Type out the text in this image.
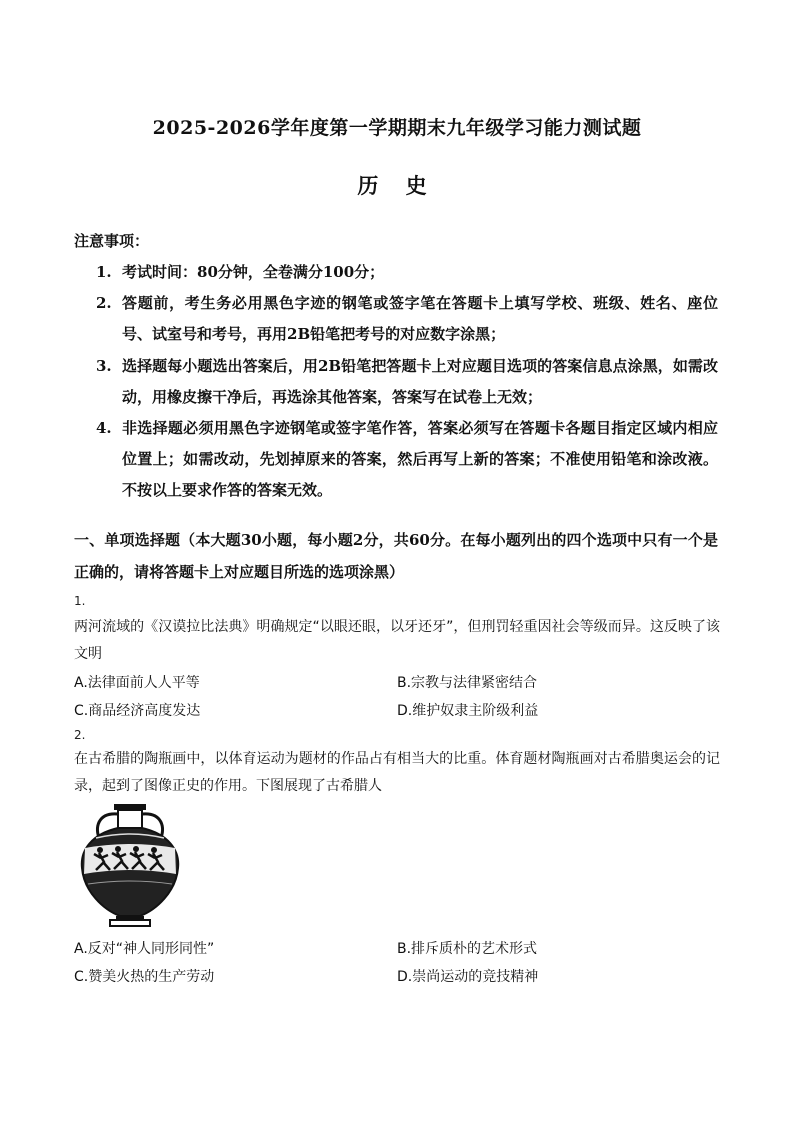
2025-2026学年度第一学期期末九年级学习能力测试题
历 史
注意事项：
1. 考试时间：80分钟，全卷满分100分；
2. 答题前，考生务必用黑色字迹的钢笔或签字笔在答题卡上填写学校、班级、姓名、座位号、试室号和考号，再用2B铅笔把考号的对应数字涂黑；
3. 选择题每小题选出答案后，用2B铅笔把答题卡上对应题目选项的答案信息点涂黑，如需改动，用橡皮擦干净后，再选涂其他答案，答案写在试卷上无效；
4. 非选择题必须用黑色字迹钢笔或签字笔作答，答案必须写在答题卡各题目指定区域内相应位置上；如需改动，先划掉原来的答案，然后再写上新的答案；不准使用铅笔和涂改液。不按以上要求作答的答案无效。
一、单项选择题（本大题30小题，每小题2分，共60分。在每小题列出的四个选项中只有一个是正确的，请将答题卡上对应题目所选的选项涂黑）
1.
两河流域的《汉谟拉比法典》明确规定“以眼还眼，以牙还牙”，但刑罚轻重因社会等级而异。这反映了该文明
A.法律面前人人平等	B.宗教与法律紧密结合
C.商品经济高度发达	D.维护奴隶主阶级利益
2.
在古希腊的陶瓶画中，以体育运动为题材的作品占有相当大的比重。体育题材陶瓶画对古希腊奥运会的记录，起到了图像正史的作用。下图展现了古希腊人
A.反对“神人同形同性”	B.排斥质朴的艺术形式
C.赞美火热的生产劳动	D.崇尚运动的竞技精神
